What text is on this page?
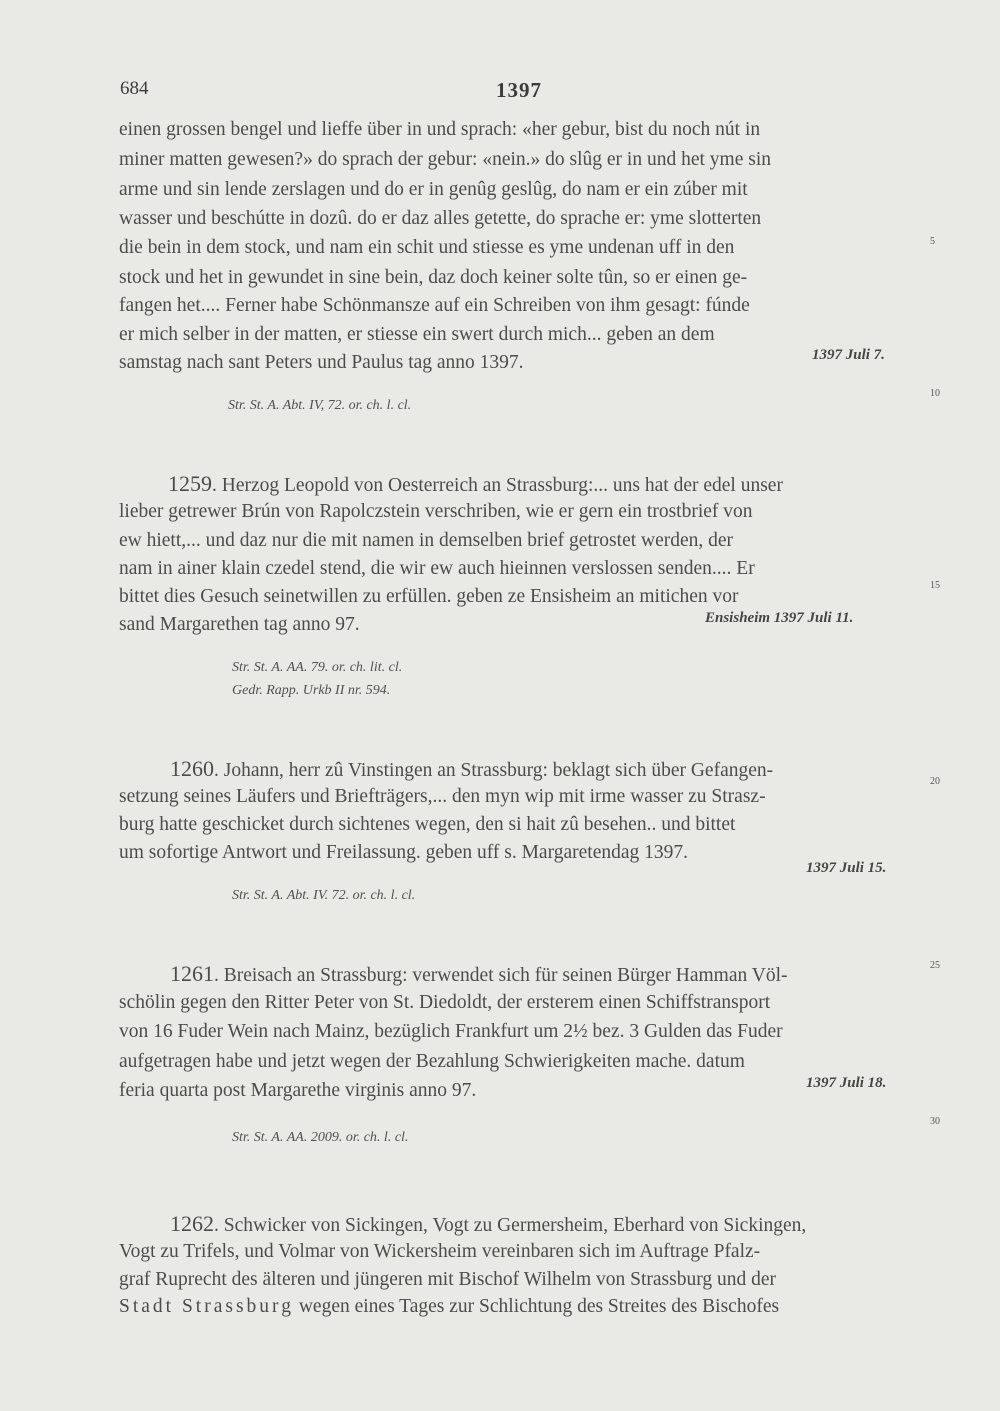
684	1397
einen grossen bengel und lieffe über in und sprach: «her gebur, bist du noch nút in
miner matten gewesen?» do sprach der gebur: «nein.» do slûg er in und het yme sin
arme und sin lende zerslagen und do er in genûg geslûg, do nam er ein zúber mit
wasser und beschútte in dozû. do er daz alles getette, do sprache er: yme slotterten
die bein in dem stock, und nam ein schit und stiesse es yme undenan uff in den
stock und het in gewundet in sine bein, daz doch keiner solte tûn, so er einen ge-
fangen het.... Ferner habe Schönmansze auf ein Schreiben von ihm gesagt: fúnde
er mich selber in der matten, er stiesse ein swert durch mich... geben an dem
samstag nach sant Peters und Paulus tag anno 1397.	1397 Juli 7.
Str. St. A. Abt. IV, 72. or. ch. l. cl.
1259. Herzog Leopold von Oesterreich an Strassburg:... uns hat der edel unser
lieber getrewer Brún von Rapolczstein verschriben, wie er gern ein trostbrief von
ew hiett,... und daz nur die mit namen in demselben brief getrostet werden, der
nam in ainer klain czedel stend, die wir ew auch hieinnen verslossen senden.... Er
bittet dies Gesuch seinetwillen zu erfüllen. geben ze Ensisheim an mitichen vor
sand Margarethen tag anno 97.	Ensisheim 1397 Juli 11.
Str. St. A. AA. 79. or. ch. lit. cl.
Gedr. Rapp. Urkb II nr. 594.
1260. Johann, herr zû Vinstingen an Strassburg: beklagt sich über Gefangen-
setzung seines Läufers und Briefträgers,... den myn wip mit irme wasser zu Strasz-
burg hatte geschicket durch sichtenes wegen, den si hait zû besehen.. und bittet
um sofortige Antwort und Freilassung. geben uff s. Margaretendag 1397.
1397 Juli 15.
Str. St. A. Abt. IV. 72. or. ch. l. cl.
1261. Breisach an Strassburg: verwendet sich für seinen Bürger Hamman Völ-
schölin gegen den Ritter Peter von St. Diedoldt, der ersterem einen Schiffstransport
von 16 Fuder Wein nach Mainz, bezüglich Frankfurt um 2½ bez. 3 Gulden das Fuder
aufgetragen habe und jetzt wegen der Bezahlung Schwierigkeiten mache. datum
feria quarta post Margarethe virginis anno 97.	1397 Juli 18.
Str. St. A. AA. 2009. or. ch. l. cl.
1262. Schwicker von Sickingen, Vogt zu Germersheim, Eberhard von Sickingen,
Vogt zu Trifels, und Volmar von Wickersheim vereinbaren sich im Auftrage Pfalz-
graf Ruprecht des älteren und jüngeren mit Bischof Wilhelm von Strassburg und der
Stadt Strassburg wegen eines Tages zur Schlichtung des Streites des Bischofes
5
10
15
20
25
30
